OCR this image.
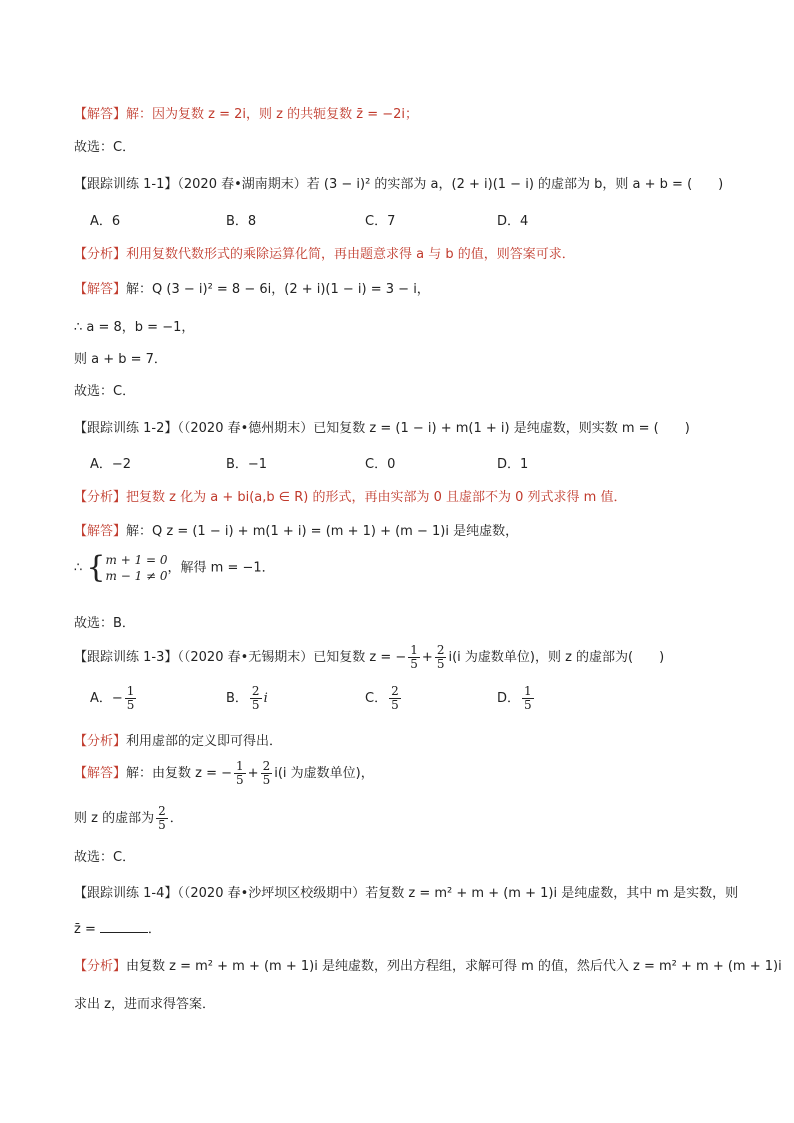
【解答】解：因为复数 z = 2i，则 z 的共轭复数 z̄ = −2i；
故选：C．
【跟踪训练 1-1】（2020 春•湖南期末）若 (3 − i)² 的实部为 a，(2 + i)(1 − i) 的虚部为 b，则 a + b = (　　)
A．6	B．8	C．7	D．4
【分析】利用复数代数形式的乘除运算化简，再由题意求得 a 与 b 的值，则答案可求．
【解答】解：Q (3 − i)² = 8 − 6i，(2 + i)(1 − i) = 3 − i，
∴ a = 8，b = −1，
则 a + b = 7．
故选：C．
【跟踪训练 1-2】（（2020 春•德州期末）已知复数 z = (1 − i) + m(1 + i) 是纯虚数，则实数 m = (　　)
A．−2	B．−1	C．0	D．1
【分析】把复数 z 化为 a + bi(a,b ∈ R) 的形式，再由实部为 0 且虚部不为 0 列式求得 m 值．
【解答】解：Q z = (1 − i) + m(1 + i) = (m + 1) + (m − 1)i 是纯虚数，
∴ { m + 1 = 0
m − 1 ≠ 0
，解得 m = −1．
故选：B．
【跟踪训练 1-3】（（2020 春•无锡期末）已知复数 z = − $\frac{1}{5} + \frac{2}{5} i(i$ 为虚数单位)，则 z 的虚部为(　　)
A．− $\frac{1}{5}$	B． $\frac{2}{5}$ i	C． $\frac{2}{5}$	D． $\frac{1}{5}$
【分析】利用虚部的定义即可得出．
【解答】解：由复数 z = − $\frac{1}{5} + \frac{2}{5} i(i$ 为虚数单位)，
则 z 的虚部为 $\frac{2}{5}$ ．
故选：C．
【跟踪训练 1-4】（（2020 春•沙坪坝区校级期中）若复数 z = m² + m + (m + 1)i 是纯虚数，其中 m 是实数，则
z̄ =	．
【分析】由复数 z = m² + m + (m + 1)i 是纯虚数，列出方程组，求解可得 m 的值，然后代入 z = m² + m + (m + 1)i
求出 z，进而求得答案．
